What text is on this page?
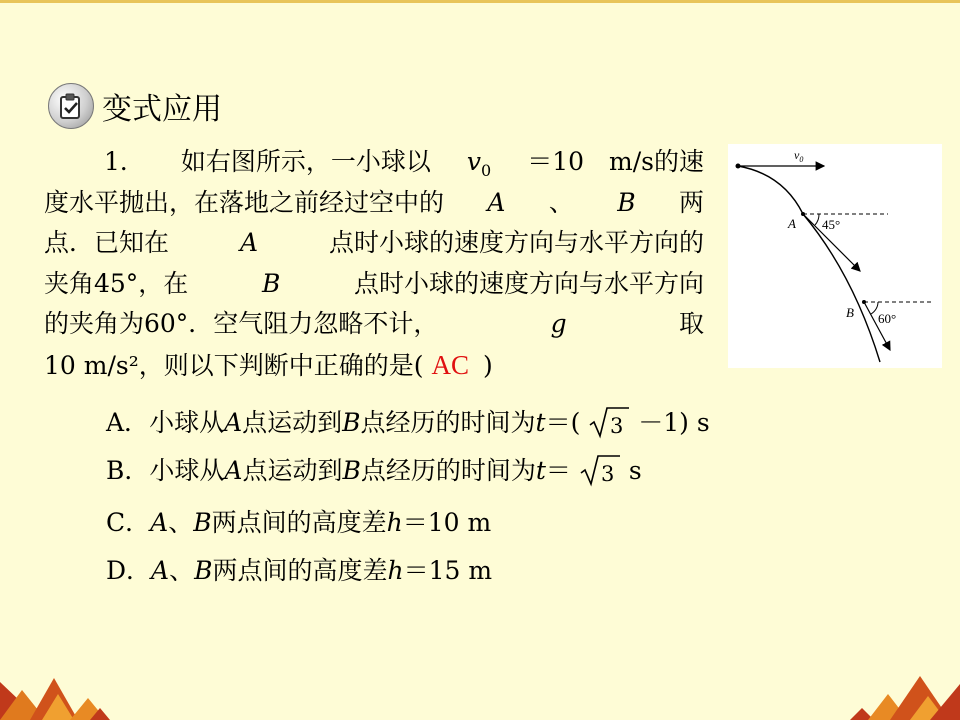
变式应用
1． 如右图所示，一小球以 $v_0 =10$　m/s的速
度水平抛出，在落地之前经过空中的 A 、 B 两
点．已知在	A	点时小球的速度方向与水平方向的
夹角45°，在	B	点时小球的速度方向与水平方向
的夹角为60°．空气阻力忽略不计，	g	取
10 m/s²，则以下判断中正确的是( AC )
A．小球从A点运动到B点经历的时间为t＝( 3 －1) s
B．小球从A点运动到B点经历的时间为t＝ 3 s
C．A、B两点间的高度差h＝10 m
D．A、B两点间的高度差h＝15 m
$v_0$
A 45°
B 60°
